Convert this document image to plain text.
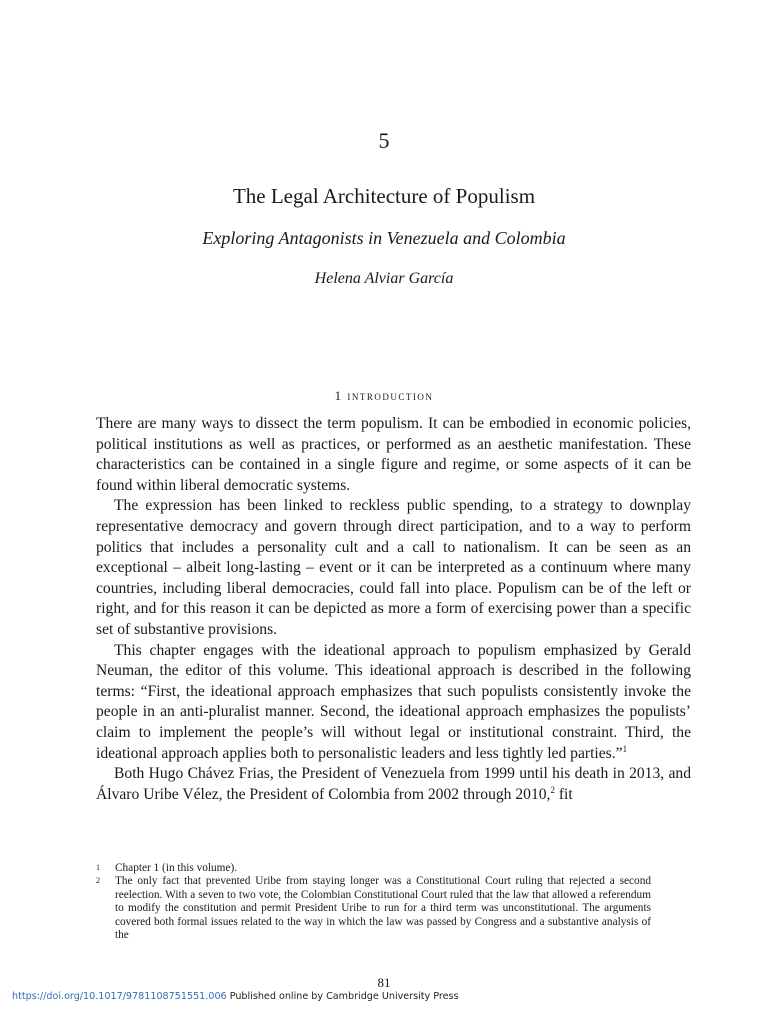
5
The Legal Architecture of Populism
Exploring Antagonists in Venezuela and Colombia
Helena Alviar García
1 introduction

There are many ways to dissect the term populism. It can be embodied in economic policies, political institutions as well as practices, or performed as an aesthetic manifestation. These characteristics can be contained in a single figure and regime, or some aspects of it can be found within liberal democratic systems.

The expression has been linked to reckless public spending, to a strategy to downplay representative democracy and govern through direct participation, and to a way to perform politics that includes a personality cult and a call to nationalism. It can be seen as an exceptional – albeit long-lasting – event or it can be interpreted as a continuum where many countries, including liberal democracies, could fall into place. Populism can be of the left or right, and for this reason it can be depicted as more a form of exercising power than a specific set of substantive provisions.

This chapter engages with the ideational approach to populism emphasized by Gerald Neuman, the editor of this volume. This ideational approach is described in the following terms: “First, the ideational approach emphasizes that such populists consistently invoke the people in an anti-pluralist manner. Second, the ideational approach emphasizes the populists’ claim to implement the people’s will without legal or institutional constraint. Third, the ideational approach applies both to personalistic leaders and less tightly led parties.”$^1$

Both Hugo Chávez Frias, the President of Venezuela from 1999 until his death in 2013, and Álvaro Uribe Vélez, the President of Colombia from 2002 through 2010,$^2$ fit

1 Chapter 1 (in this volume).
2 The only fact that prevented Uribe from staying longer was a Constitutional Court ruling that rejected a second reelection. With a seven to two vote, the Colombian Constitutional Court ruled that the law that allowed a referendum to modify the constitution and permit President Uribe to run for a third term was unconstitutional. The arguments covered both formal issues related to the way in which the law was passed by Congress and a substantive analysis of the
81
https://doi.org/10.1017/9781108751551.006 Published online by Cambridge University Press
